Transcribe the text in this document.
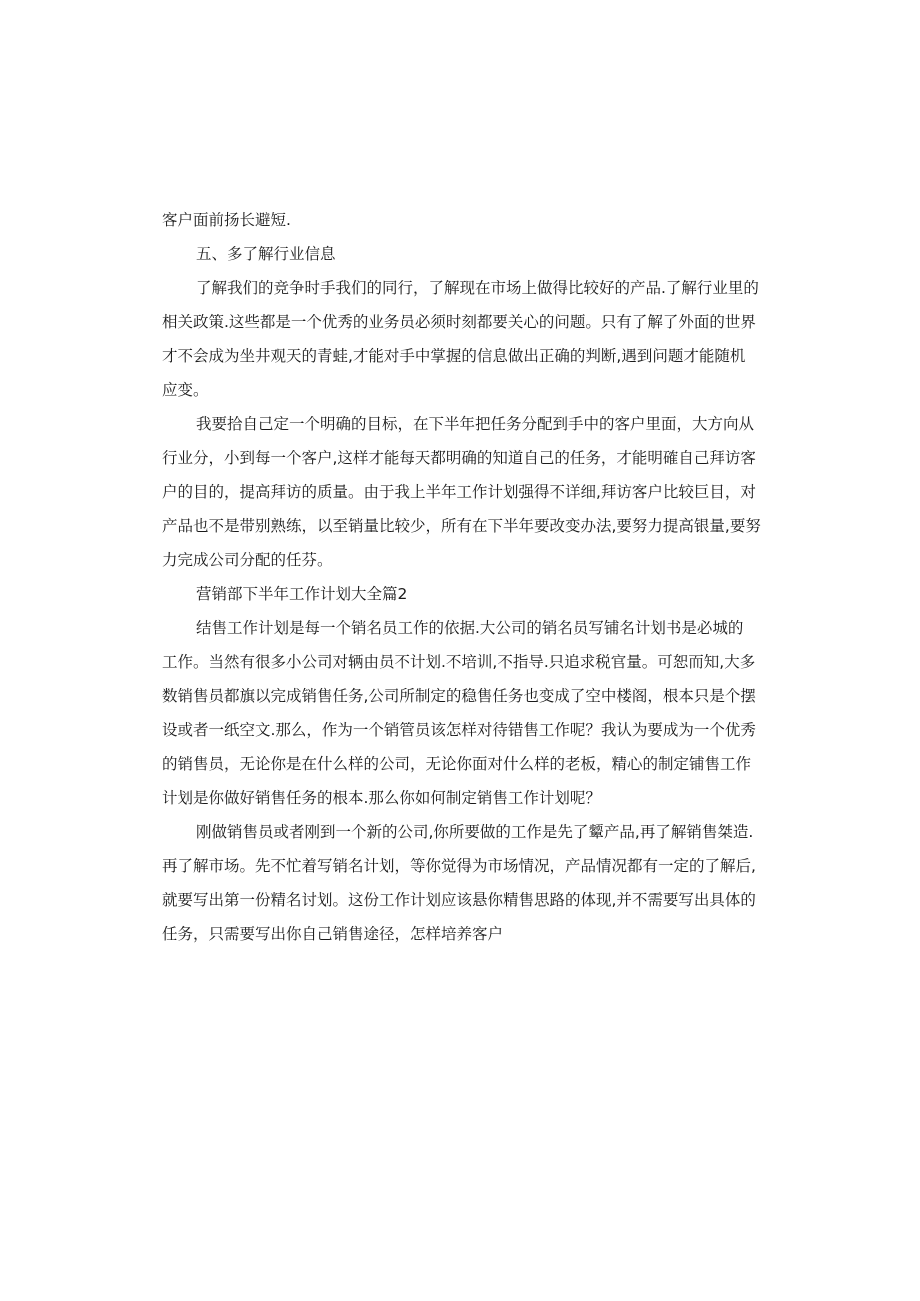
客户面前扬长避短.
五、多了解行业信息
了解我们的竞争时手我们的同行，了解现在市场上做得比较好的产品.了解行业里的
相关政策.这些都是一个优秀的业务员必须时刻都要关心的问题。只有了解了外面的世界
才不会成为坐井观天的青蛙,才能对手中掌握的信息做出正确的判断,遇到问题才能随机
应变。
我要拾自己定一个明确的目标，在下半年把任务分配到手中的客户里面，大方向从
行业分，小到每一个客户,这样才能每天都明确的知道自己的任务，才能明確自己拜访客
户的目的，提高拜访的质量。由于我上半年工作计划强得不详细,拜访客户比较巨目，对
产品也不是带别熟练，以至销量比较少，所有在下半年要改变办法,要努力提高银量,要努
力完成公司分配的任芬。
营销部下半年工作计划大全篇2
结售工作计划是每一个销名员工作的依据.大公司的销名员写铺名计划书是必城的
工作。当然有很多小公司对辆由员不计划.不培训,不指导.只追求税官量。可恕而知,大多
数销售员都旗以完成销售任务,公司所制定的稳售任务也变成了空中楼阁，根本只是个摆
设或者一纸空文.那么，作为一个销管员该怎样对待错售工作呢？我认为要成为一个优秀
的销售员，无论你是在什么样的公司，无论你面对什么样的老板，精心的制定铺售工作
计划是你做好销售任务的根本.那么你如何制定销售工作计划呢？
刚做销售员或者刚到一个新的公司,你所要做的工作是先了颦产品,再了解销售桀造.
再了解市场。先不忙着写销名计划，等你觉得为市场情况，产品情况都有一定的了解后,
就要写出第一份精名讨划。这份工作计划应该悬你精售思路的体现,并不需要写出具体的
任务，只需要写出你自己销售途径，怎样培养客户
